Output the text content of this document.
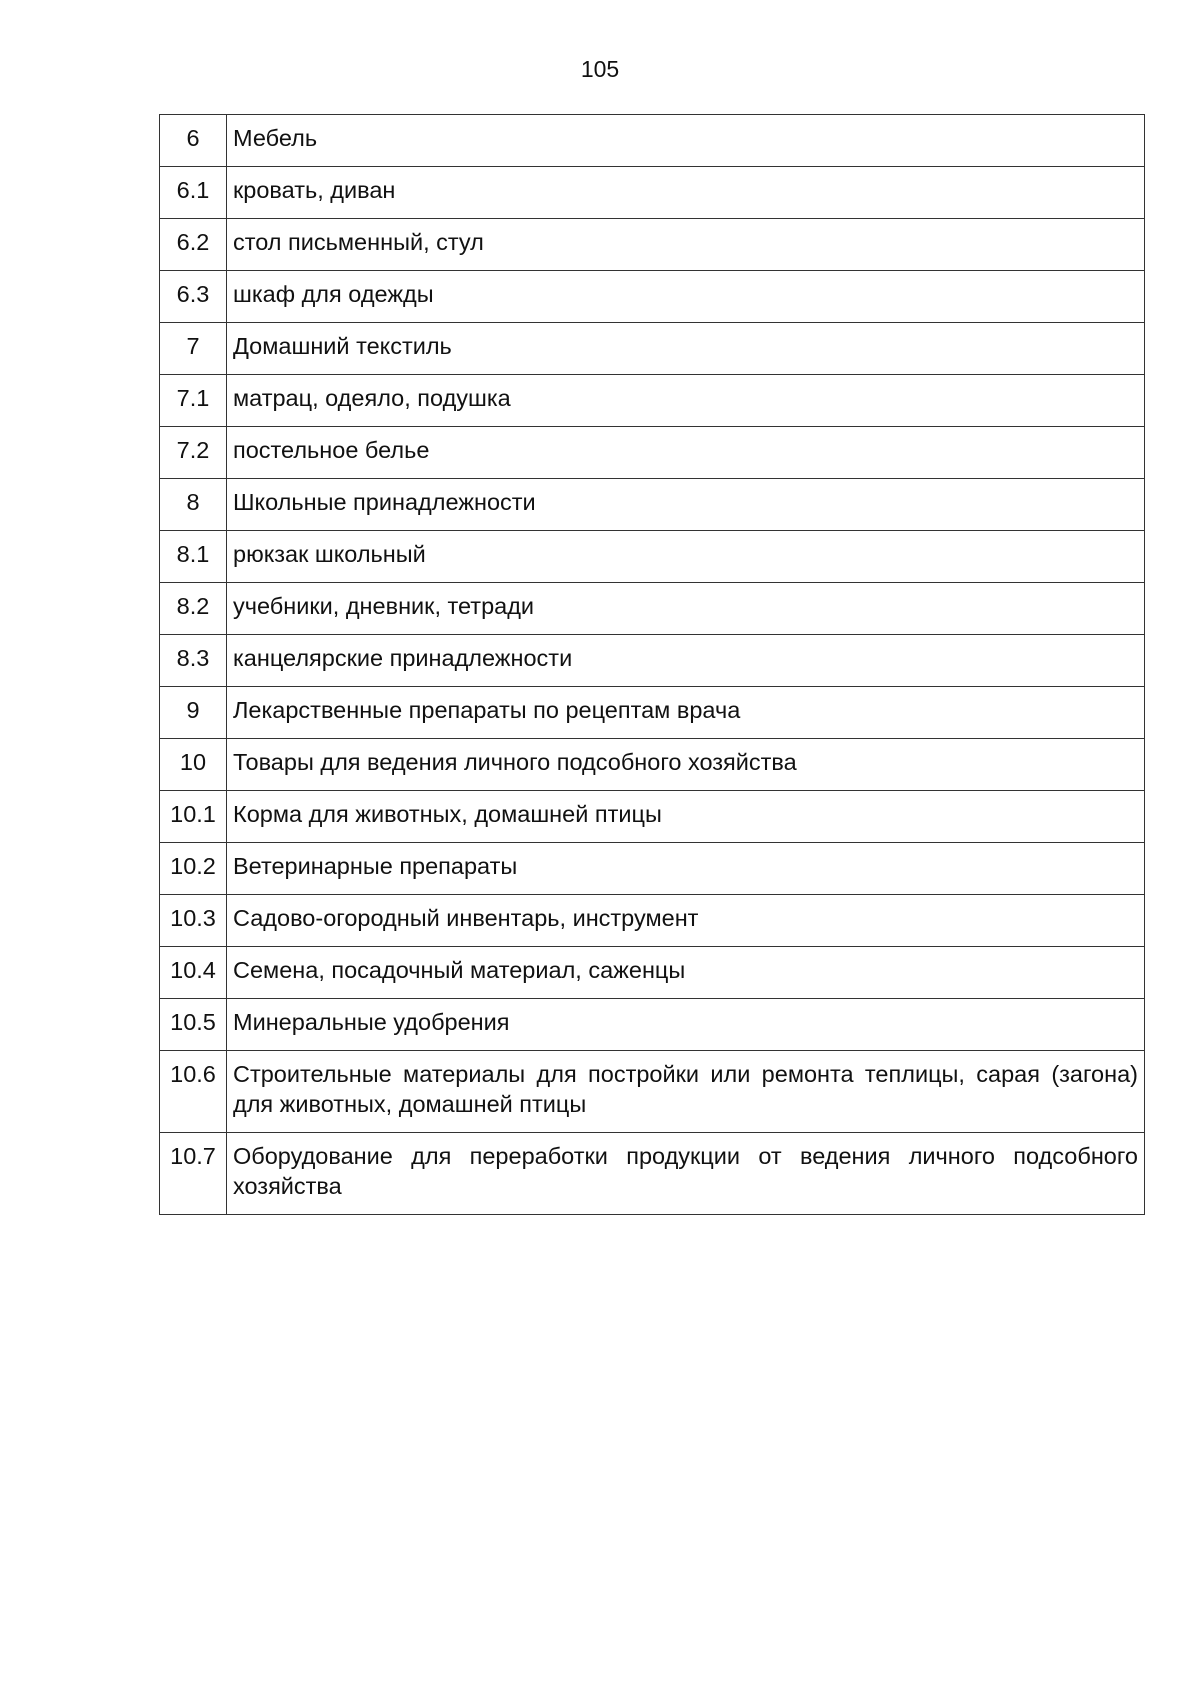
105
6	Мебель
6.1	кровать, диван
6.2	стол письменный, стул
6.3	шкаф для одежды
7	Домашний текстиль
7.1	матрац, одеяло, подушка
7.2	постельное белье
8	Школьные принадлежности
8.1	рюкзак школьный
8.2	учебники, дневник, тетради
8.3	канцелярские принадлежности
9	Лекарственные препараты по рецептам врача
10	Товары для ведения личного подсобного хозяйства
10.1	Корма для животных, домашней птицы
10.2	Ветеринарные препараты
10.3	Садово-огородный инвентарь, инструмент
10.4	Семена, посадочный материал, саженцы
10.5	Минеральные удобрения
10.6	Строительные материалы для постройки или ремонта теплицы, сарая (загона) для животных, домашней птицы
10.7	Оборудование для переработки продукции от ведения личного подсобного хозяйства
